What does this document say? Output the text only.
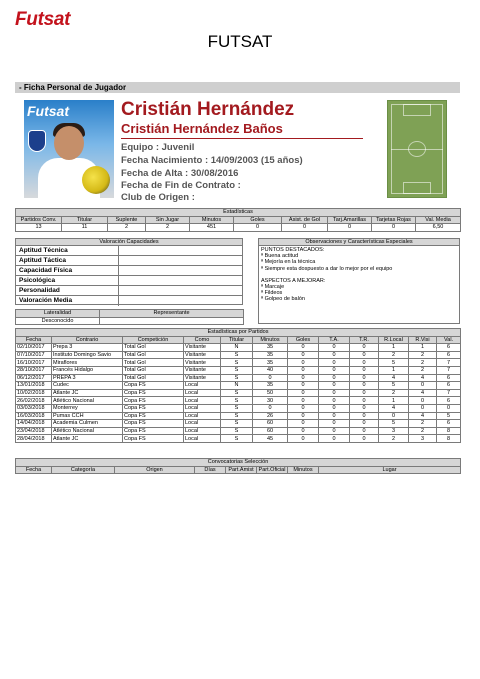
Futsat
FUTSAT
- Ficha Personal de Jugador
Futsat	Cristián Hernández
Cristián Hernández Baños
Equipo : Juvenil
Fecha Nacimiento : 14/09/2003 (15 años)
Fecha de Alta : 30/08/2016
Fecha de Fin de Contrato :
Club de Origen :
Estadísticas									
Partidos Conv.	Titular	Suplente	Sin Jugar	Minutos	Goles	Asist. de Gol	Tarj.Amarillas	Tarjetas Rojas	Val. Media
13	11	2	2	451	0	0	0	0	6,50
Valoración Capacidades
Aptitud Técnica
Aptitud Táctica
Capacidad Física
Psicológica
Personalidad
Valoración Media
Observaciones y Características Especiales
PUNTOS DESTACADOS:
ª Buena actitud
ª Mejoría en la técnica
ª Siempre esta dospuesto a dar lo mejor por el equipo
ASPECTOS A MEJORAR:
ª Marcaje
ª Fildeos
ª Golpeo de balón
Lateralidad	Representante
Desconocido	
Estadísticas por Partidos											
Fecha	Contrario	Competición	Como	Titular	Minutos	Goles	T.A.	T.R.	R.Local	R.Visi	Val.
02/10/2017	Prepa 3	Total Gol	Visitante	N	35	0	0	0	1	1	6
07/10/2017	Instituto Domingo Savio	Total Gol	Visitante	S	35	0	0	0	2	2	6
16/10/2017	Miraflores	Total Gol	Visitante	S	35	0	0	0	5	2	7
28/10/2017	Francés Hidalgo	Total Gol	Visitante	S	40	0	0	0	1	2	7
06/12/2017	PREPA 3	Total Gol	Visitante	S	0	0	0	0	4	4	6
13/01/2018	Cudec	Copa FS	Local	N	35	0	0	0	5	0	6
10/02/2018	Atlante JC	Copa FS	Local	S	50	0	0	0	2	4	7
26/02/2018	Atlético Nacional	Copa FS	Local	S	30	0	0	0	1	0	6
03/03/2018	Monterrey	Copa FS	Local	S	0	0	0	0	4	0	0
16/03/2018	Pumas CCH	Copa FS	Local	S	26	0	0	0	0	4	5
14/04/2018	Academia Culmen	Copa FS	Local	S	60	0	0	0	5	2	6
23/04/2018	Atlético Nacional	Copa FS	Local	S	60	0	0	0	3	2	8
28/04/2018	Atlante JC	Copa FS	Local	S	45	0	0	0	2	3	8
Convocatorias Selección
Fecha	Categoría	Origen	Días	Part.Amist	Part.Oficial	Minutos	Lugar
